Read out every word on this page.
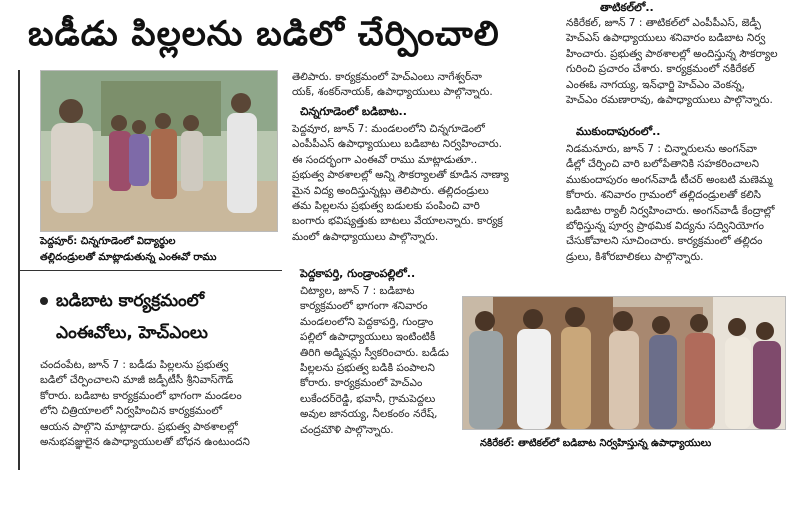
బడీడు పిల్లలను బడిలో చేర్పించాలి
పెద్దపూర్: చిన్నగూడెంలో విద్యార్థుల
తల్లిదండ్రులతో మాట్లాడుతున్న ఎంఈవో రాము
బడిబాట కార్యక్రమంలో
ఎంఈవోలు, హెచ్‌ఎంలు
చందంపేట, జూన్ 7 : బడీడు పిల్లలను ప్రభుత్వ
బడిలో చేర్పించాలని మాజీ జడ్పీటీసీ శ్రీనివాస్‌గౌడ్
కోరారు. బడిబాట కార్యక్రమంలో భాగంగా మండలం
లోని చిత్రియాలలో నిర్వహించిన కార్యక్రమంలో
ఆయన పాల్గొని మాట్లాడారు. ప్రభుత్వ పాఠశాలల్లో
అనుభవజ్ఞులైన ఉపాధ్యాయులతో బోధన ఉంటుందని
తెలిపారు. కార్యక్రమంలో హెచ్‌ఎంలు నాగేశ్వర్‌నా
యక్, శంకర్‌నాయక్, ఉపాధ్యాయులు పాల్గొన్నారు.
చిన్నగూడెంలో బడిబాట..
పెద్దవూర, జూన్ 7: మండలంలోని చిన్నగూడెంలో
ఎంపీపీఎస్ ఉపాధ్యాయులు బడిబాట నిర్వహించారు.
ఈ సందర్భంగా ఎంఈవో రాము మాట్లాడుతూ..
ప్రభుత్వ పాఠశాలల్లో అన్ని సౌకర్యాలతో కూడిన నాణ్యా
మైన విద్య అందిస్తున్నట్లు తెలిపారు. తల్లిదండ్రులు
తమ పిల్లలను ప్రభుత్వ బడులకు పంపించి వారి
బంగారు భవిష్యత్తుకు బాటలు వేయాలన్నారు. కార్యక్ర
మంలో ఉపాధ్యాయులు పాల్గొన్నారు.
పెద్దకాపర్తి, గుండ్రాంపల్లిలో..
చిట్యాల, జూన్ 7 : బడిబాట
కార్యక్రమంలో భాగంగా శనివారం
మండలంలోని పెద్దకాపర్తి, గుండ్రాం
పల్లిలో ఉపాధ్యాయులు ఇంటింటికీ
తిరిగి అడ్మిషన్లు స్వీకరించారు. బడీడు
పిల్లలను ప్రభుత్వ బడికి పంపాలని
కోరారు. కార్యక్రమంలో హెచ్‌ఎం
లుకేందర్‌రెడ్డి, భవానీ, గ్రామపెద్దలు
అవుల జానయ్య, నీలకంఠం నరేష్,
చంద్రమౌళి పాల్గొన్నారు.
తాటికల్‌లో..
నకిరేకల్, జూన్ 7 : తాటికల్‌లో ఎంపీపీఎస్, జెడ్పీ
హెచ్‌ఎస్ ఉపాధ్యాయులు శనివారం బడిబాట నిర్వ
హించారు. ప్రభుత్వ పాఠశాలల్లో అందిస్తున్న సౌకర్యాల
గురించి ప్రచారం చేశారు. కార్యక్రమంలో నకిరేకల్
ఎంఈఓ నాగయ్య, ఇన్‌ఛార్జి హెచ్‌ఎం వెంకన్న,
హెచ్‌ఎం రమణారావు, ఉపాధ్యాయులు పాల్గొన్నారు.
ముకుందాపురంలో..
నిడమనూరు, జూన్ 7 : చిన్నారులను అంగన్‌వా
డీల్లో చేర్పించి వారి బలోపేతానికి సహకరించాలని
ముకుందాపురం అంగన్‌వాడీ టీచర్ అంబటి మణెమ్మ
కోరారు. శనివారం గ్రామంలో తల్లిదండ్రులతో కలిసి
బడిబాట ర్యాలీ నిర్వహించారు. అంగన్‌వాడీ కేంద్రాల్లో
బోధిస్తున్న పూర్వ ప్రాథమిక విద్యను సద్వినియోగం
చేసుకోవాలని సూచించారు. కార్యక్రమంలో తల్లిదం
డ్రులు, కిశోరబాలికలు పాల్గొన్నారు.
నకిరేకల్: తాటికల్‌లో బడిబాట నిర్వహిస్తున్న ఉపాధ్యాయులు
